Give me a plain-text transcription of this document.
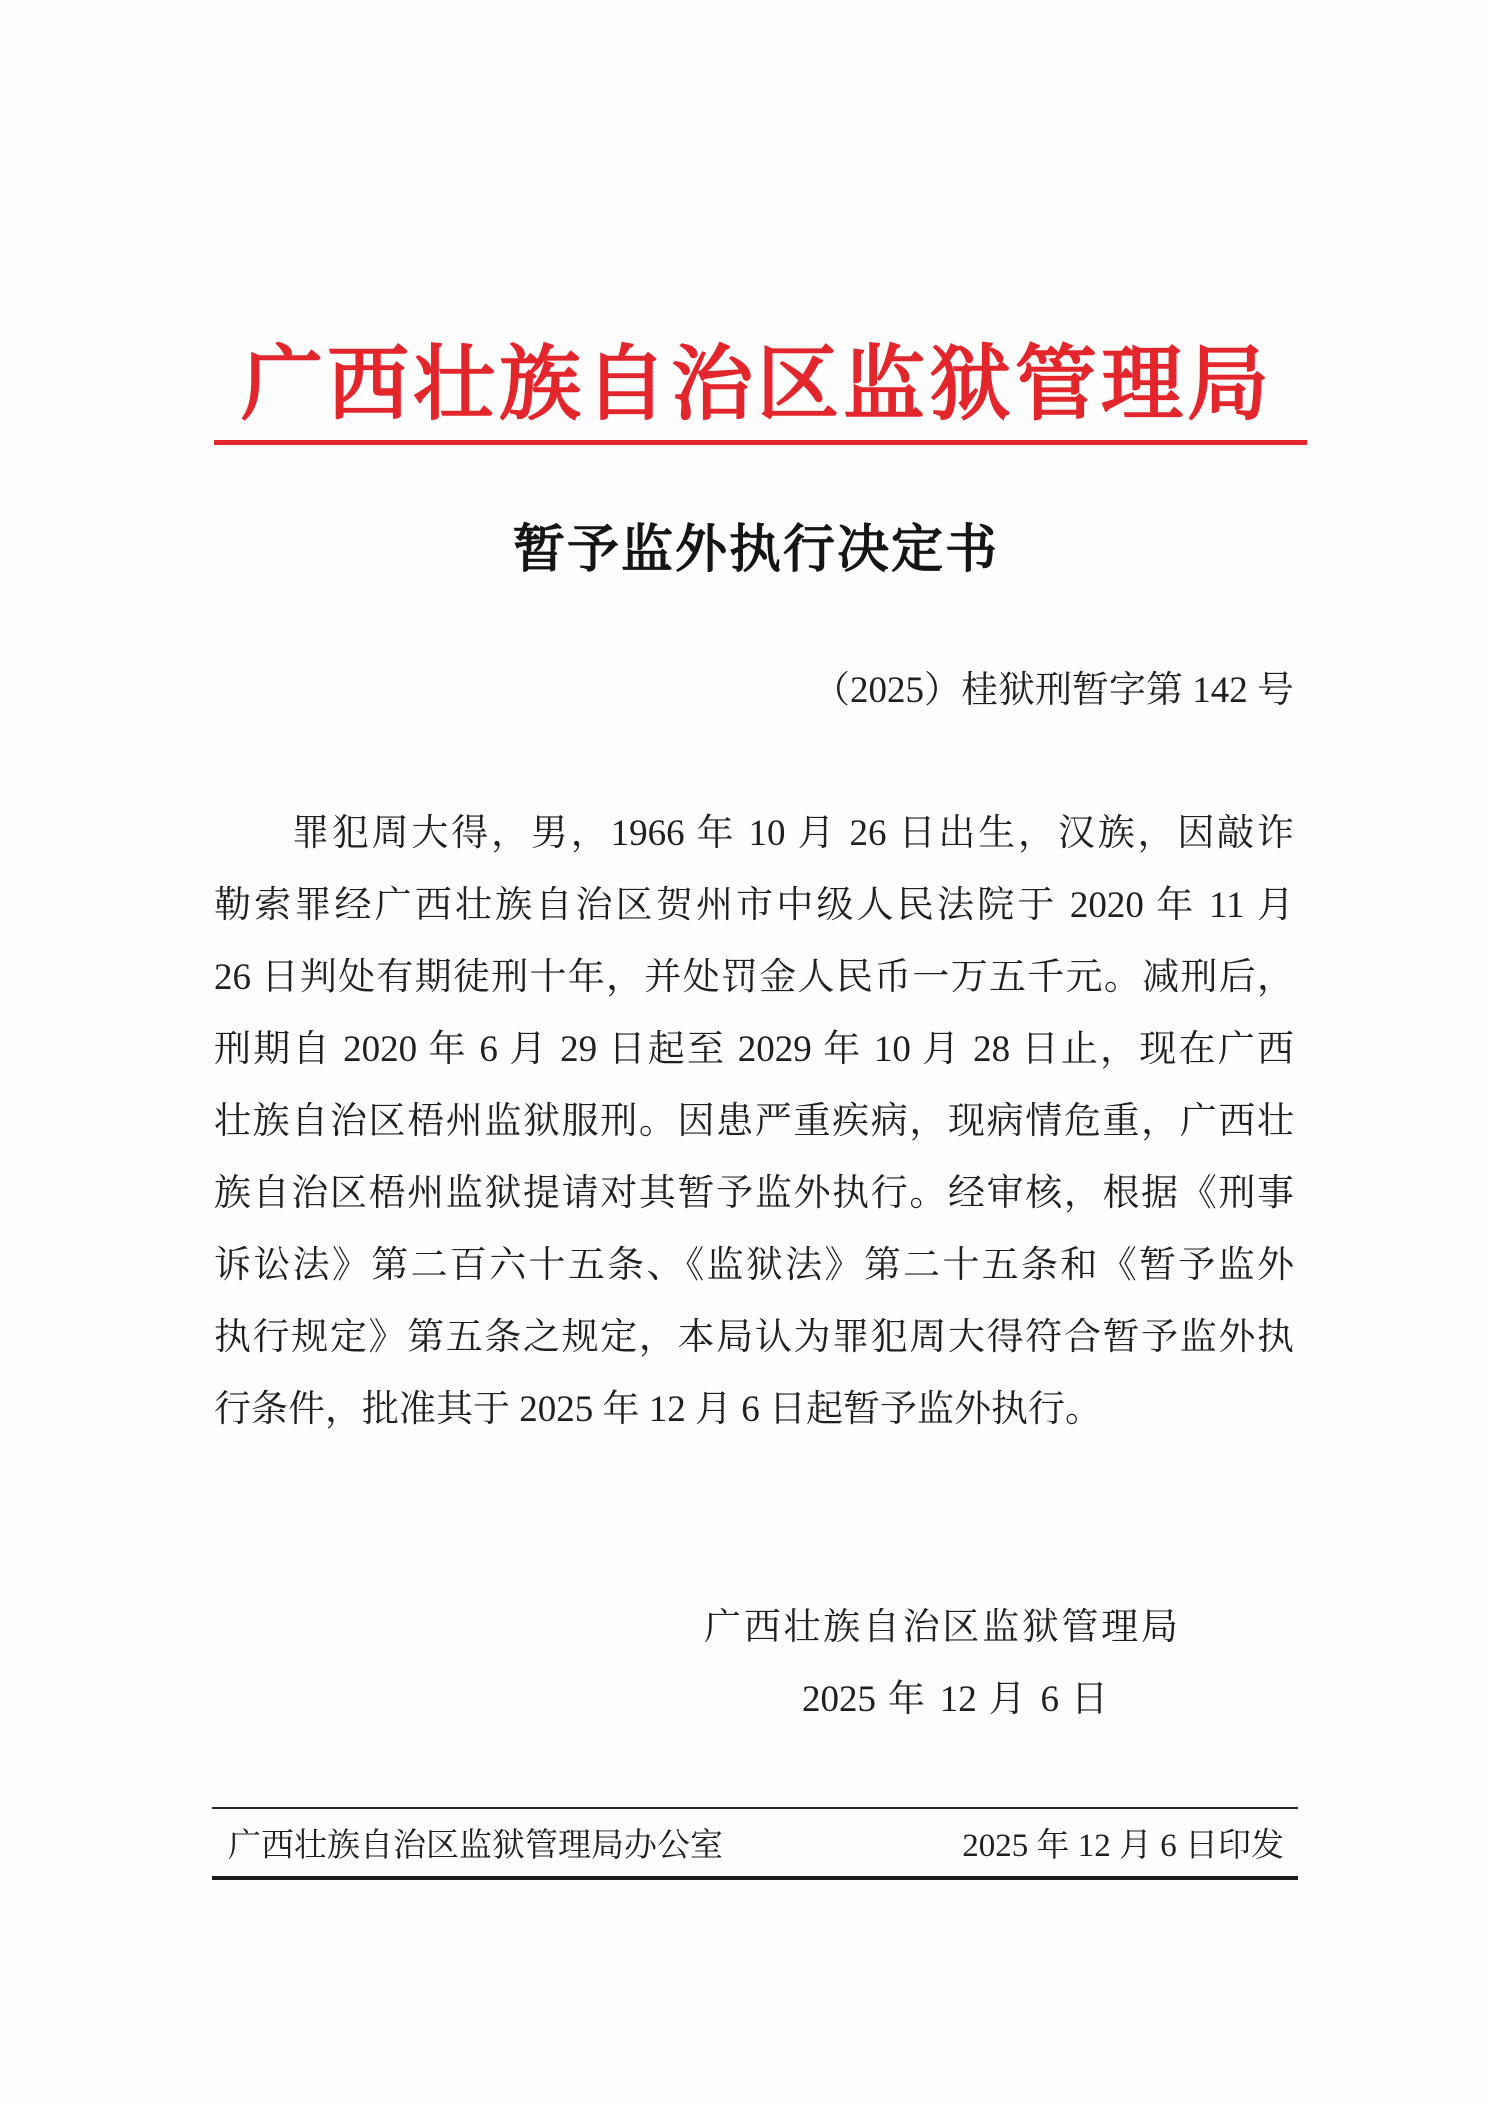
广西壮族自治区监狱管理局
暂予监外执行决定书
（2025）桂狱刑暂字第 142 号
罪犯周大得，男，1966 年 10 月 26 日出生，汉族，因敲诈
勒索罪经广西壮族自治区贺州市中级人民法院于 2020 年 11 月
26 日判处有期徒刑十年，并处罚金人民币一万五千元。减刑后，
刑期自 2020 年 6 月 29 日起至 2029 年 10 月 28 日止，现在广西
壮族自治区梧州监狱服刑。因患严重疾病，现病情危重，广西壮
族自治区梧州监狱提请对其暂予监外执行。经审核，根据《刑事
诉讼法》第二百六十五条、《监狱法》第二十五条和《暂予监外
执行规定》第五条之规定，本局认为罪犯周大得符合暂予监外执
行条件，批准其于 2025 年 12 月 6 日起暂予监外执行。
广西壮族自治区监狱管理局
2025 年 12 月 6 日
广西壮族自治区监狱管理局办公室	2025 年 12 月 6 日印发
